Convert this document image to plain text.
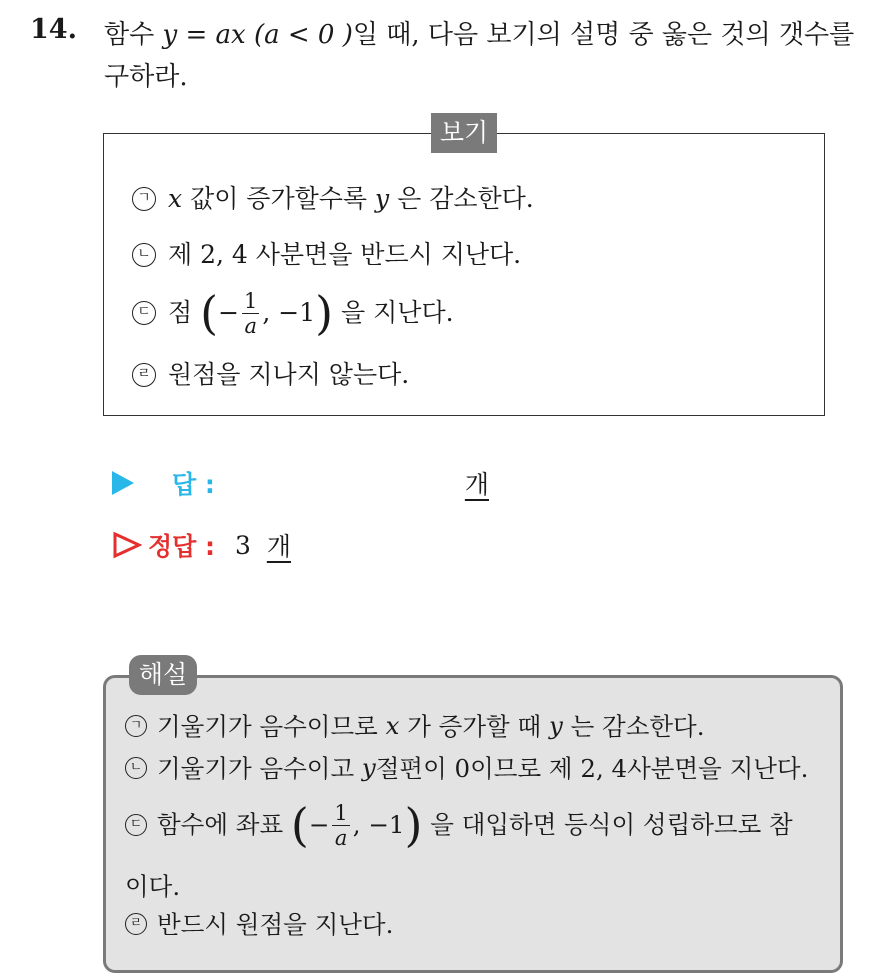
14. 함수 y = ax (a < 0 )일 때, 다음 보기의 설명 중 옳은 것의 갯수를
구하라.
보기
ㄱ x
값이 증가할수록
y
은 감소한다.
ㄴ 제 2, 4 사분면을 반드시 지난다.
ㄷ 점
( − $\frac{1}{a}$ , −1 )
을 지난다.
ㄹ 원점을 지나지 않는다.
답 :	개
정답 : 3
개
해설
ㄱ 기울기가 음수이므로
x
가 증가할 때
y
는 감소한다.
ㄴ 기울기가 음수이고
y 절편이 0이므로 제 2, 4사분면을 지난다.
ㄷ 함수에 좌표
( − $\frac{1}{a}$ , −1 )
을 대입하면 등식이 성립하므로 참
이다.
ㄹ 반드시 원점을 지난다.
